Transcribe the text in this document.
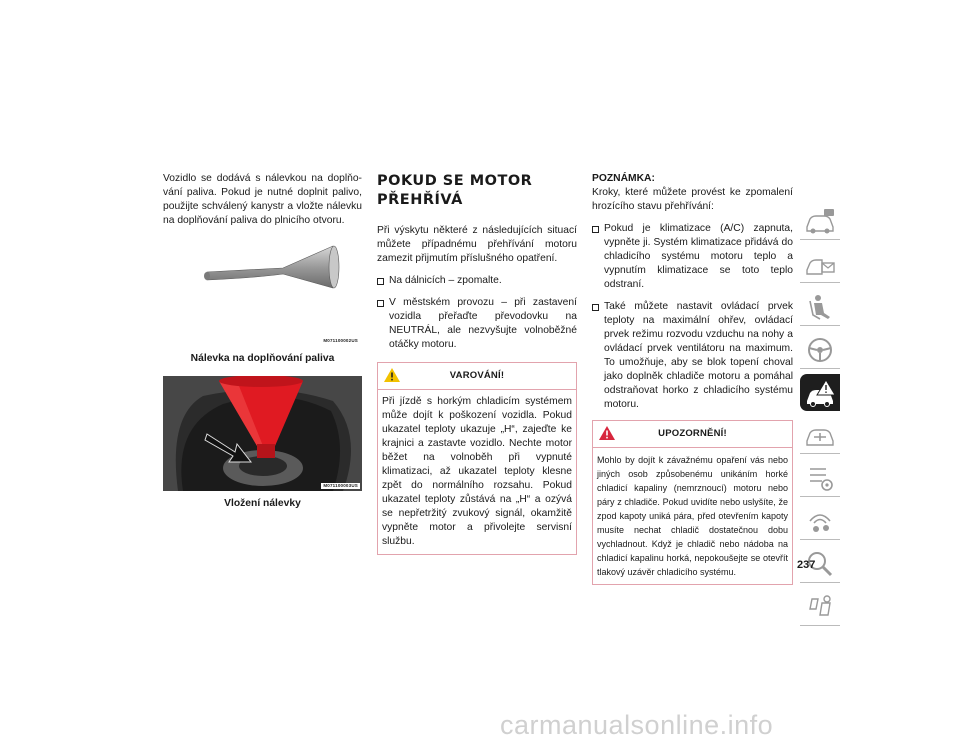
Vozidlo se dodává s nálevkou na doplňo-vání paliva. Pokud je nutné doplnit palivo, použijte schválený kanystr a vložte nálevku na doplňování paliva do plnicího otvoru.

M071100002US
Nálevka na doplňování paliva
M071100003US
Vložení nálevky
POKUD SE MOTOR
PŘEHŘÍVÁ

Při výskytu některé z následujících situací můžete případnému přehřívání motoru zamezit přijmutím příslušného opatření.

Na dálnicích – zpomalte.
V městském provozu – při zastavení vozidla přeřaďte převodovku na NEUTRÁL, ale nezvyšujte volnoběžné otáčky motoru.
VAROVÁNÍ!
Při jízdě s horkým chladicím systémem může dojít k poškození vozidla. Pokud ukazatel teploty ukazuje „H“, zajeďte ke krajnici a zastavte vozidlo. Nechte motor běžet na volnoběh při vypnuté klimatizaci, až ukazatel teploty klesne zpět do normálního rozsahu. Pokud ukazatel teploty zůstává na „H“ a ozývá se nepřetržitý zvukový signál, okamžitě vypněte motor a přivolejte servisní službu.
POZNÁMKA:

Kroky, které můžete provést ke zpomalení hrozícího stavu přehřívání:

Pokud je klimatizace (A/C) zapnuta, vypněte ji. Systém klimatizace přidává do chladicího systému motoru teplo a vypnutím klimatizace se toto teplo odstraní.
Také můžete nastavit ovládací prvek teploty na maximální ohřev, ovládací prvek režimu rozvodu vzduchu na nohy a ovládací prvek ventilátoru na maximum. To umožňuje, aby se blok topení choval jako doplněk chladiče motoru a pomáhal odstraňovat horko z chladicího systému motoru.
UPOZORNĚNÍ!
Mohlo by dojít k závažnému opaření vás nebo jiných osob způsobenému unikáním horké chladicí kapaliny (nemrznoucí) motoru nebo páry z chladiče. Pokud uvidíte nebo uslyšíte, že zpod kapoty uniká pára, před otevřením kapoty musíte nechat chladič dostatečnou dobu vychladnout. Když je chladič nebo nádoba na chladicí kapalinu horká, nepokoušejte se otevřít tlakový uzávěr chladicího systému.
237
carmanualsonline.info
